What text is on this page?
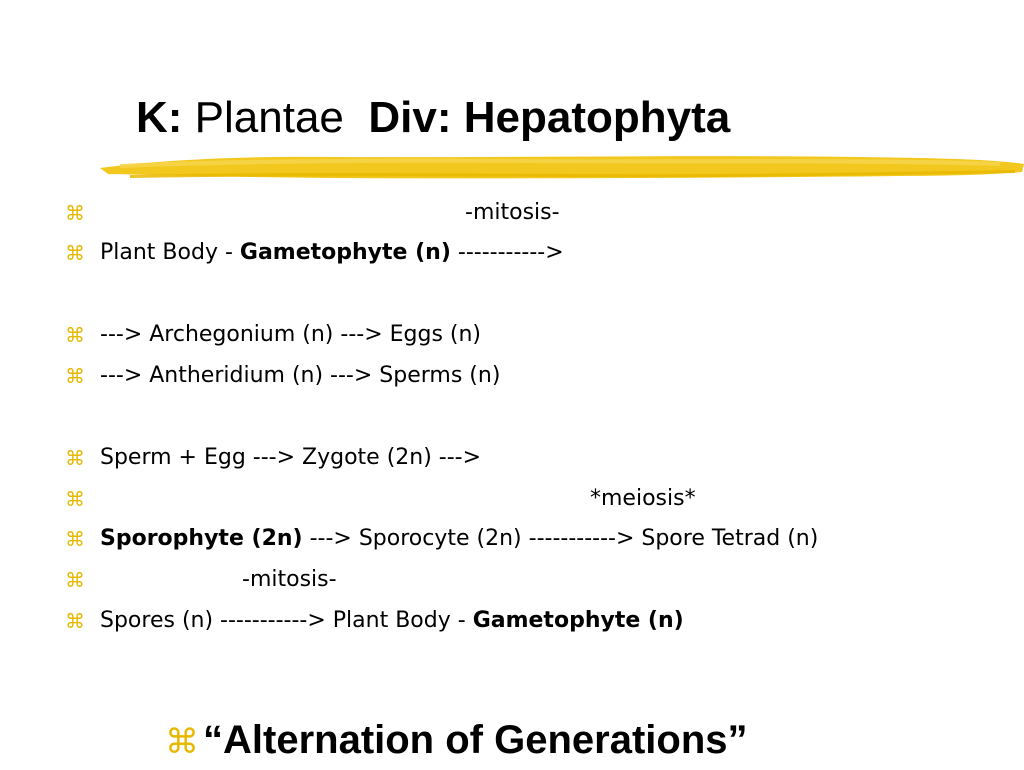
K: Plantae Div: Hepatophyta

⌘

	-mitosis-

⌘

Plant Body - Gametophyte (n) ----------->

⌘

---> Archegonium (n) ---> Eggs (n)

⌘

---> Antheridium (n) ---> Sperms (n)

⌘

Sperm + Egg ---> Zygote (2n) --->

⌘

	*meiosis*

⌘

Sporophyte (2n) ---> Sporocyte (2n) -----------> Spore Tetrad (n)

⌘

	-mitosis-

⌘

Spores (n) -----------> Plant Body - Gametophyte (n)

⌘ “Alternation of Generations”
